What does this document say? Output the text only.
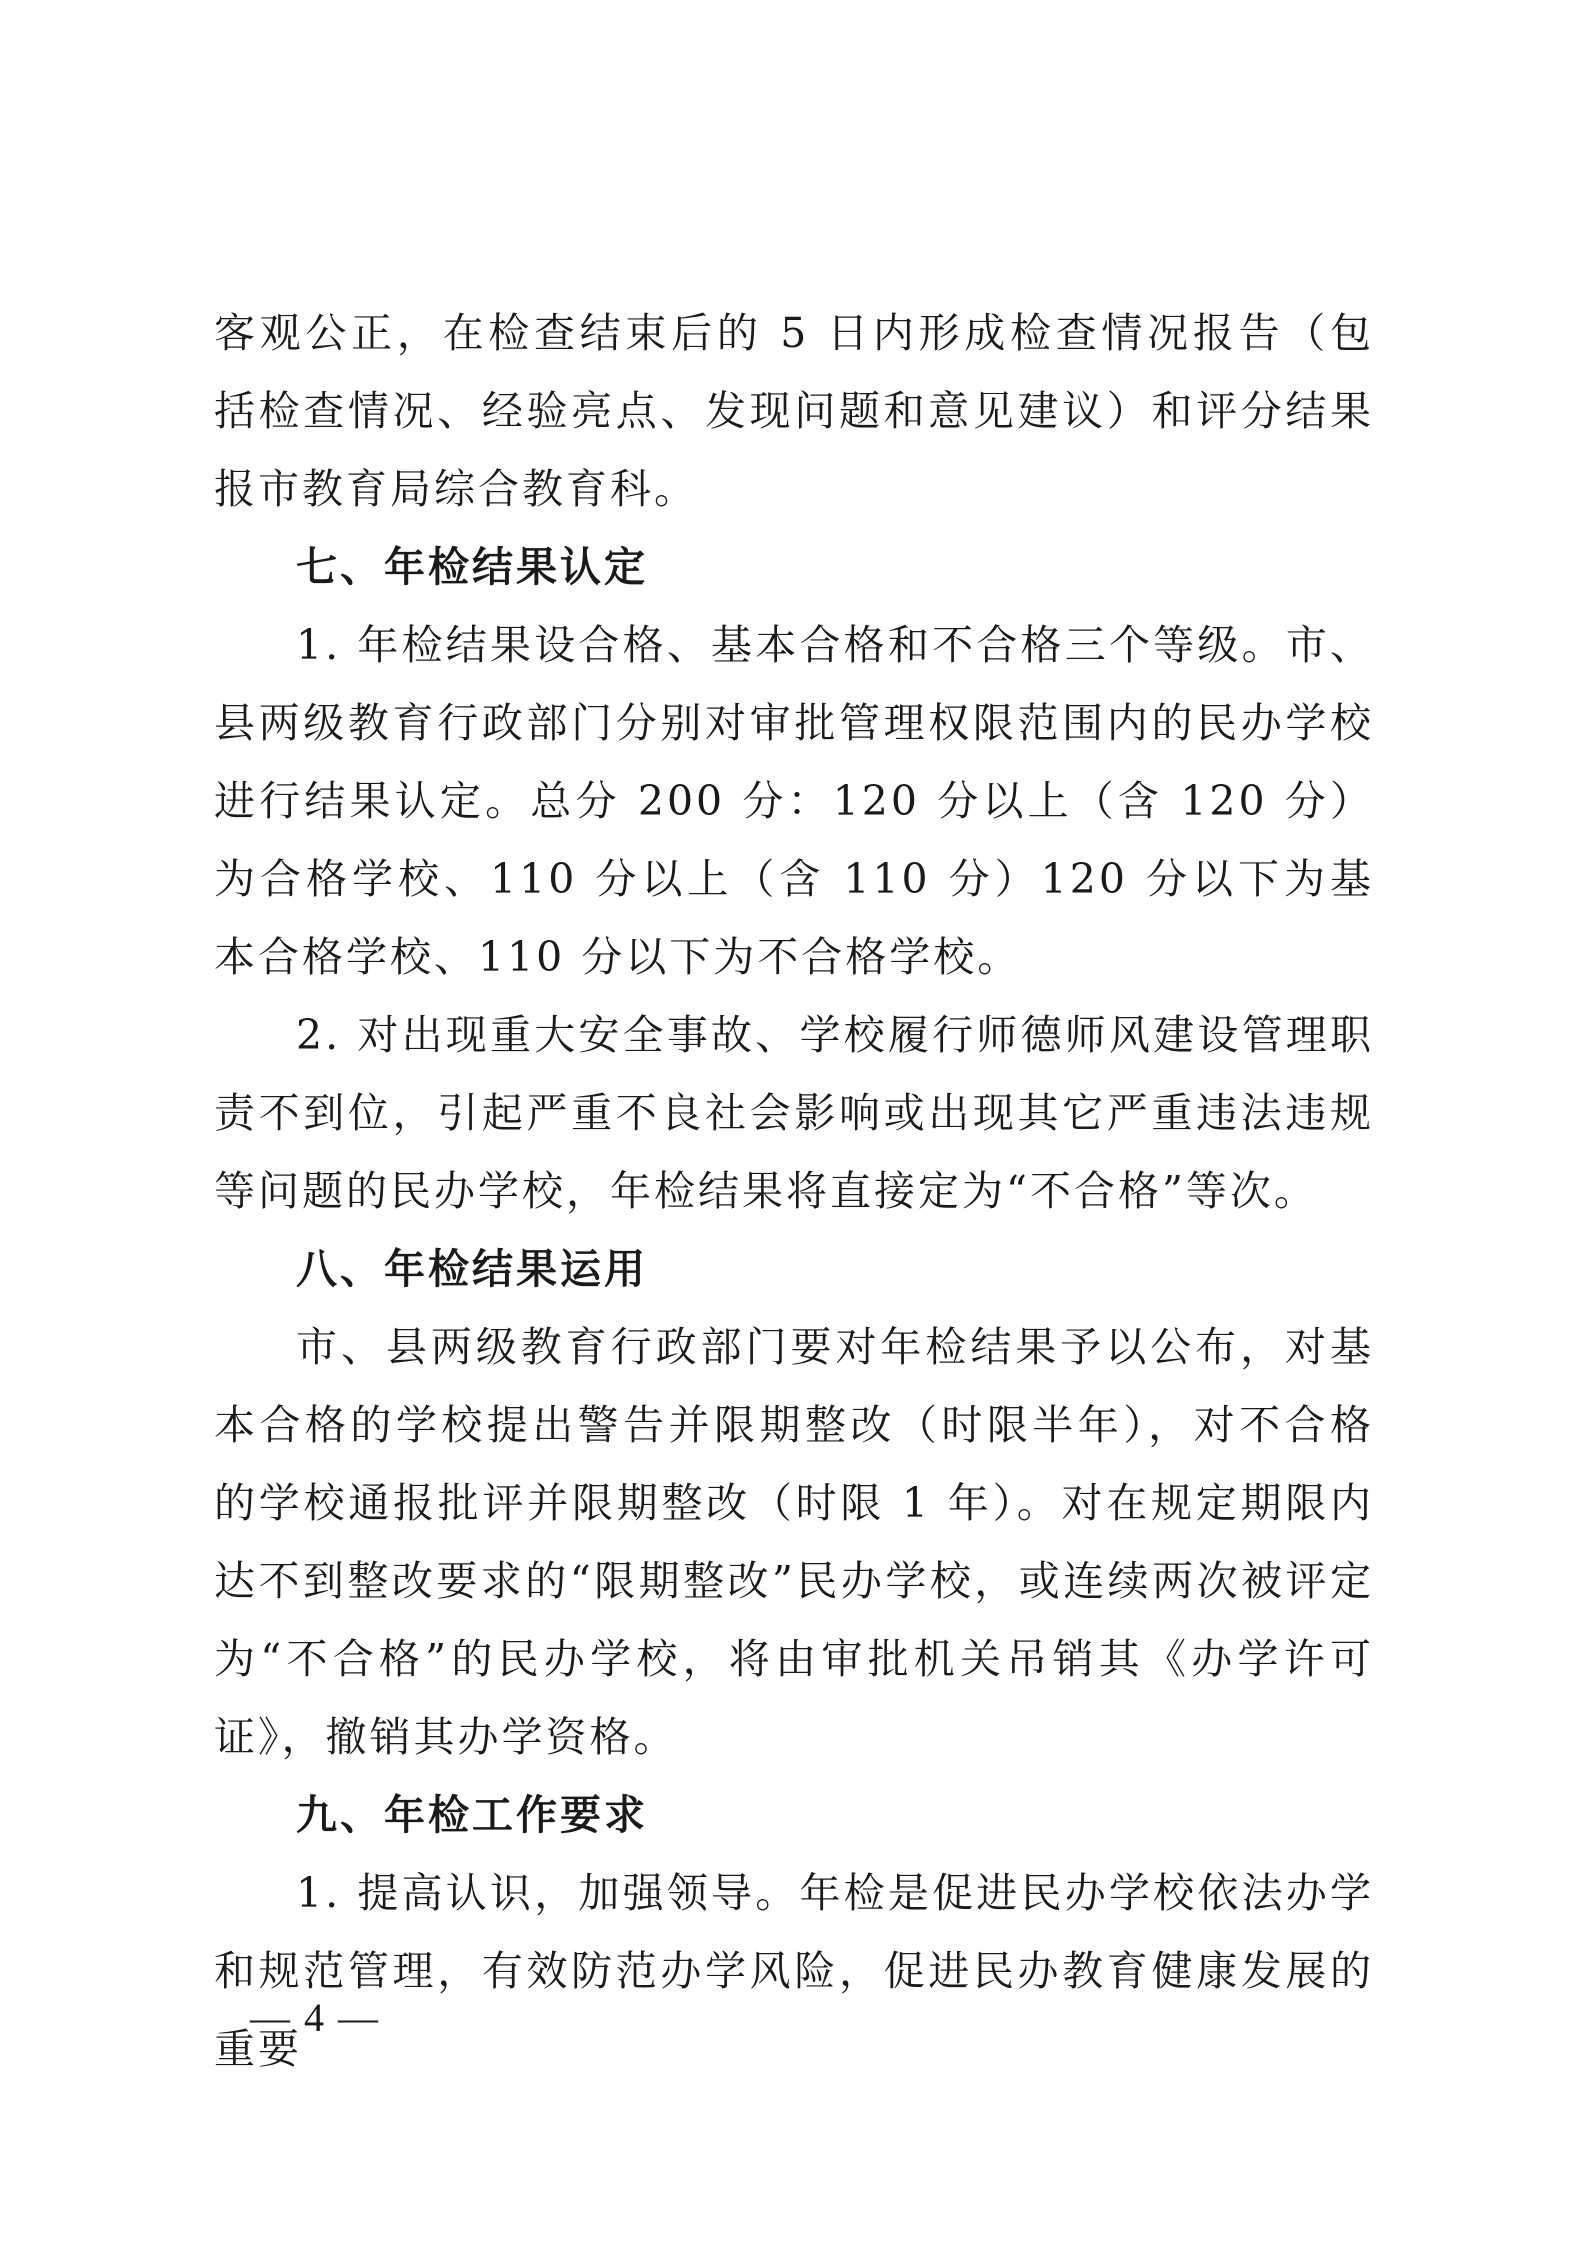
客观公正，在检查结束后的 5 日内形成检查情况报告（包括检查情况、经验亮点、发现问题和意见建议）和评分结果报市教育局综合教育科。

七、年检结果认定

1. 年检结果设合格、基本合格和不合格三个等级。市、县两级教育行政部门分别对审批管理权限范围内的民办学校进行结果认定。总分 200 分：120 分以上（含 120 分）为合格学校、110 分以上（含 110 分）120 分以下为基本合格学校、110 分以下为不合格学校。

2. 对出现重大安全事故、学校履行师德师风建设管理职责不到位，引起严重不良社会影响或出现其它严重违法违规等问题的民办学校，年检结果将直接定为“不合格”等次。

八、年检结果运用

市、县两级教育行政部门要对年检结果予以公布，对基本合格的学校提出警告并限期整改（时限半年），对不合格的学校通报批评并限期整改（时限 1 年）。对在规定期限内达不到整改要求的“限期整改”民办学校，或连续两次被评定为“不合格”的民办学校，将由审批机关吊销其《办学许可证》，撤销其办学资格。

九、年检工作要求

1. 提高认识，加强领导。年检是促进民办学校依法办学和规范管理，有效防范办学风险，促进民办教育健康发展的重要

— 4 —
